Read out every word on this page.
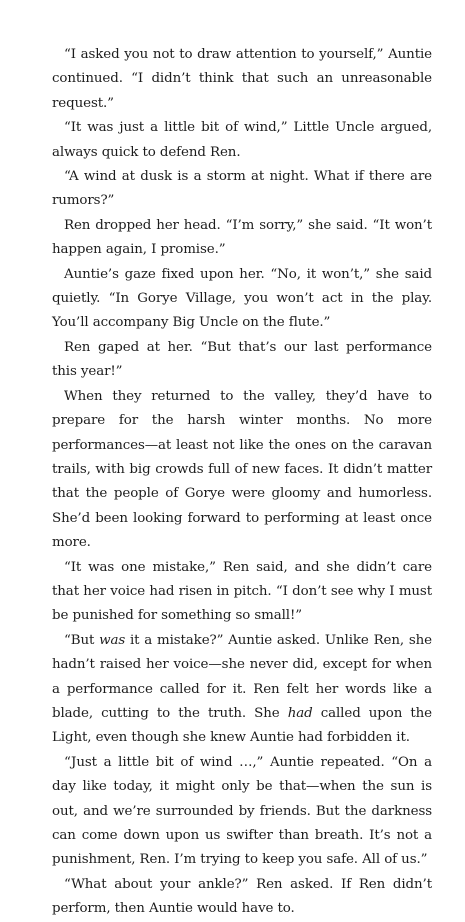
“I asked you not to draw attention to yourself,” Auntie continued. “I didn’t think that such an unreasonable request.”

“It was just a little bit of wind,” Little Uncle argued, always quick to defend Ren.

“A wind at dusk is a storm at night. What if there are rumors?”

Ren dropped her head. “I’m sorry,” she said. “It won’t happen again, I promise.”

Auntie’s gaze fixed upon her. “No, it won’t,” she said quietly. “In Gorye Village, you won’t act in the play. You’ll accompany Big Uncle on the flute.”

Ren gaped at her. “But that’s our last performance this year!”

When they returned to the valley, they’d have to prepare for the harsh winter months. No more performances—at least not like the ones on the caravan trails, with big crowds full of new faces. It didn’t matter that the people of Gorye were gloomy and humorless. She’d been looking forward to performing at least once more.

“It was one mistake,” Ren said, and she didn’t care that her voice had risen in pitch. “I don’t see why I must be punished for something so small!”

“But was it a mistake?” Auntie asked. Unlike Ren, she hadn’t raised her voice—she never did, except for when a performance called for it. Ren felt her words like a blade, cutting to the truth. She had called upon the Light, even though she knew Auntie had forbidden it.

“Just a little bit of wind …,” Auntie repeated. “On a day like today, it might only be that—when the sun is out, and we’re surrounded by friends. But the darkness can come down upon us swifter than breath. It’s not a punishment, Ren. I’m trying to keep you safe. All of us.”

“What about your ankle?” Ren asked. If Ren didn’t perform, then Auntie would have to.
